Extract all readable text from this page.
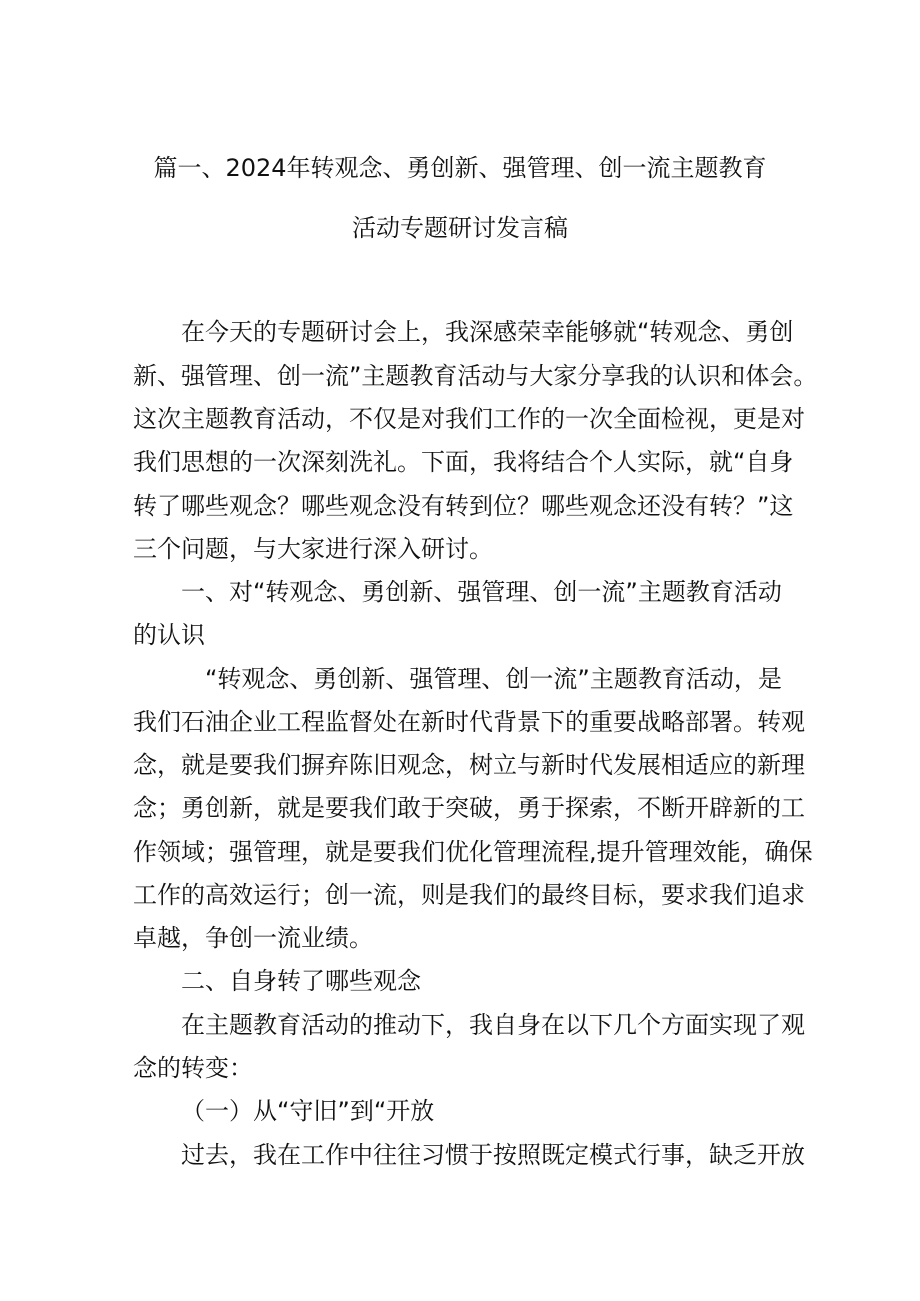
篇一、2024年转观念、勇创新、强管理、创一流主题教育
活动专题研讨发言稿
在今天的专题研讨会上，我深感荣幸能够就“转观念、勇创
新、强管理、创一流”主题教育活动与大家分享我的认识和体会。
这次主题教育活动，不仅是对我们工作的一次全面检视，更是对
我们思想的一次深刻洗礼。下面，我将结合个人实际，就“自身
转了哪些观念？哪些观念没有转到位？哪些观念还没有转？”这
三个问题，与大家进行深入研讨。
一、对“转观念、勇创新、强管理、创一流”主题教育活动
的认识
“转观念、勇创新、强管理、创一流”主题教育活动，是
我们石油企业工程监督处在新时代背景下的重要战略部署。转观
念，就是要我们摒弃陈旧观念，树立与新时代发展相适应的新理
念；勇创新，就是要我们敢于突破，勇于探索，不断开辟新的工
作领域；强管理，就是要我们优化管理流程,提升管理效能，确保
工作的高效运行；创一流，则是我们的最终目标，要求我们追求
卓越，争创一流业绩。
二、自身转了哪些观念
在主题教育活动的推动下，我自身在以下几个方面实现了观
念的转变：
（一）从“守旧”到“开放
过去，我在工作中往往习惯于按照既定模式行事，缺乏开放
